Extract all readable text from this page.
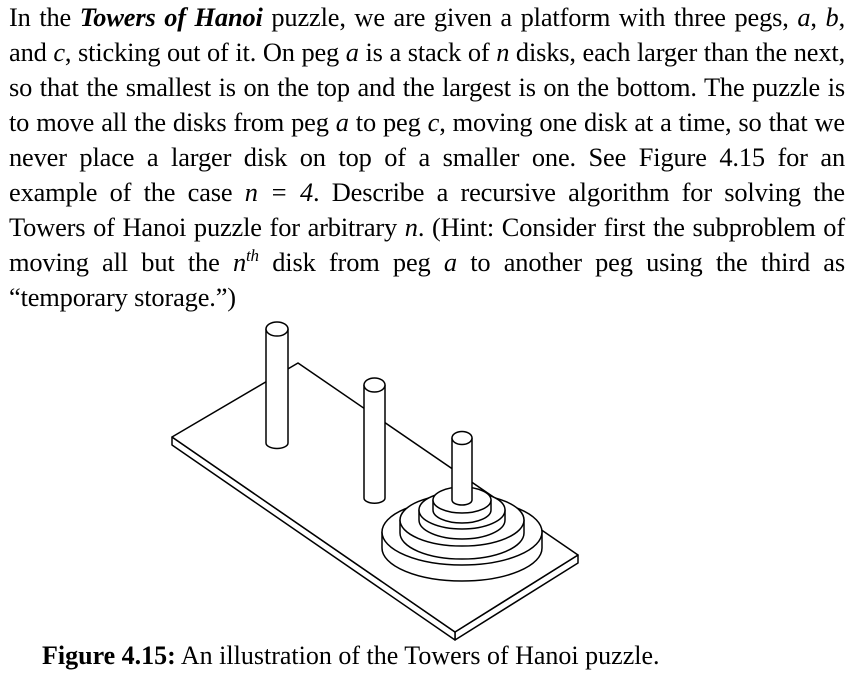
In the Towers of Hanoi puzzle, we are given a platform with three pegs, a, b, and c, sticking out of it. On peg a is a stack of n disks, each larger than the next, so that the smallest is on the top and the largest is on the bottom. The puzzle is to move all the disks from peg a to peg c, moving one disk at a time, so that we never place a larger disk on top of a smaller one. See Figure 4.15 for an example of the case n = 4. Describe a recursive algorithm for solving the Towers of Hanoi puzzle for arbitrary n. (Hint: Consider first the subproblem of moving all but the $n^{th}$ disk from peg a to another peg using the third as “temporary storage.”)

Figure 4.15: An illustration of the Towers of Hanoi puzzle.
